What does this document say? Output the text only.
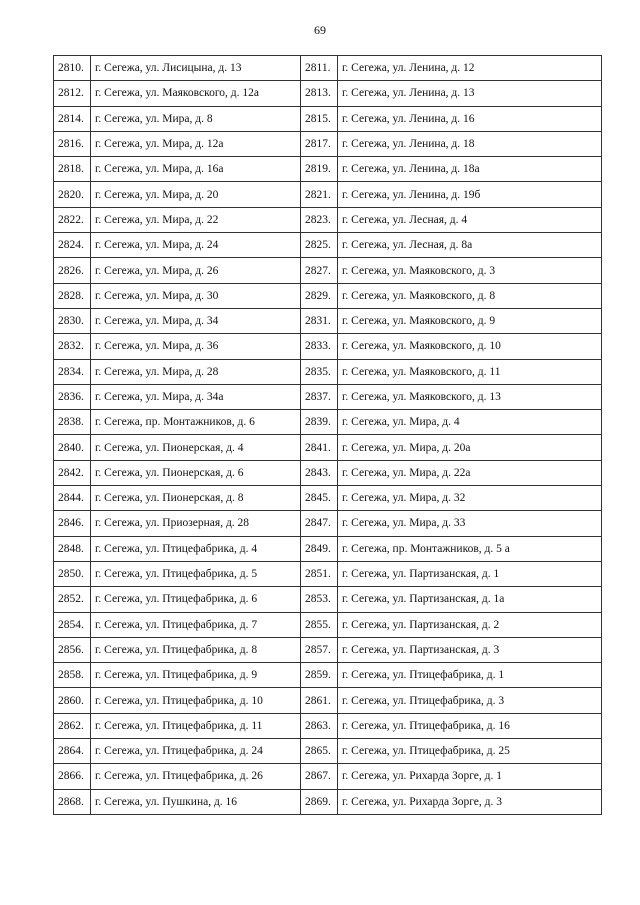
69
2810.	г. Сегежа, ул. Лисицына, д. 13	2811.	г. Сегежа, ул. Ленина, д. 12
2812.	г. Сегежа, ул. Маяковского, д. 12а	2813.	г. Сегежа, ул. Ленина, д. 13
2814.	г. Сегежа, ул. Мира, д. 8	2815.	г. Сегежа, ул. Ленина, д. 16
2816.	г. Сегежа, ул. Мира, д. 12а	2817.	г. Сегежа, ул. Ленина, д. 18
2818.	г. Сегежа, ул. Мира, д. 16а	2819.	г. Сегежа, ул. Ленина, д. 18а
2820.	г. Сегежа, ул. Мира, д. 20	2821.	г. Сегежа, ул. Ленина, д. 19б
2822.	г. Сегежа, ул. Мира, д. 22	2823.	г. Сегежа, ул. Лесная, д. 4
2824.	г. Сегежа, ул. Мира, д. 24	2825.	г. Сегежа, ул. Лесная, д. 8а
2826.	г. Сегежа, ул. Мира, д. 26	2827.	г. Сегежа, ул. Маяковского, д. 3
2828.	г. Сегежа, ул. Мира, д. 30	2829.	г. Сегежа, ул. Маяковского, д. 8
2830.	г. Сегежа, ул. Мира, д. 34	2831.	г. Сегежа, ул. Маяковского, д. 9
2832.	г. Сегежа, ул. Мира, д. 36	2833.	г. Сегежа, ул. Маяковского, д. 10
2834.	г. Сегежа, ул. Мира, д. 28	2835.	г. Сегежа, ул. Маяковского, д. 11
2836.	г. Сегежа, ул. Мира, д. 34а	2837.	г. Сегежа, ул. Маяковского, д. 13
2838.	г. Сегежа, пр. Монтажников, д. 6	2839.	г. Сегежа, ул. Мира, д. 4
2840.	г. Сегежа, ул. Пионерская, д. 4	2841.	г. Сегежа, ул. Мира, д. 20а
2842.	г. Сегежа, ул. Пионерская, д. 6	2843.	г. Сегежа, ул. Мира, д. 22а
2844.	г. Сегежа, ул. Пионерская, д. 8	2845.	г. Сегежа, ул. Мира, д. 32
2846.	г. Сегежа, ул. Приозерная, д. 28	2847.	г. Сегежа, ул. Мира, д. 33
2848.	г. Сегежа, ул. Птицефабрика, д. 4	2849.	г. Сегежа, пр. Монтажников, д. 5 а
2850.	г. Сегежа, ул. Птицефабрика, д. 5	2851.	г. Сегежа, ул. Партизанская, д. 1
2852.	г. Сегежа, ул. Птицефабрика, д. 6	2853.	г. Сегежа, ул. Партизанская, д. 1а
2854.	г. Сегежа, ул. Птицефабрика, д. 7	2855.	г. Сегежа, ул. Партизанская, д. 2
2856.	г. Сегежа, ул. Птицефабрика, д. 8	2857.	г. Сегежа, ул. Партизанская, д. 3
2858.	г. Сегежа, ул. Птицефабрика, д. 9	2859.	г. Сегежа, ул. Птицефабрика, д. 1
2860.	г. Сегежа, ул. Птицефабрика, д. 10	2861.	г. Сегежа, ул. Птицефабрика, д. 3
2862.	г. Сегежа, ул. Птицефабрика, д. 11	2863.	г. Сегежа, ул. Птицефабрика, д. 16
2864.	г. Сегежа, ул. Птицефабрика, д. 24	2865.	г. Сегежа, ул. Птицефабрика, д. 25
2866.	г. Сегежа, ул. Птицефабрика, д. 26	2867.	г. Сегежа, ул. Рихарда Зорге, д. 1
2868.	г. Сегежа, ул. Пушкина, д. 16	2869.	г. Сегежа, ул. Рихарда Зорге, д. 3
